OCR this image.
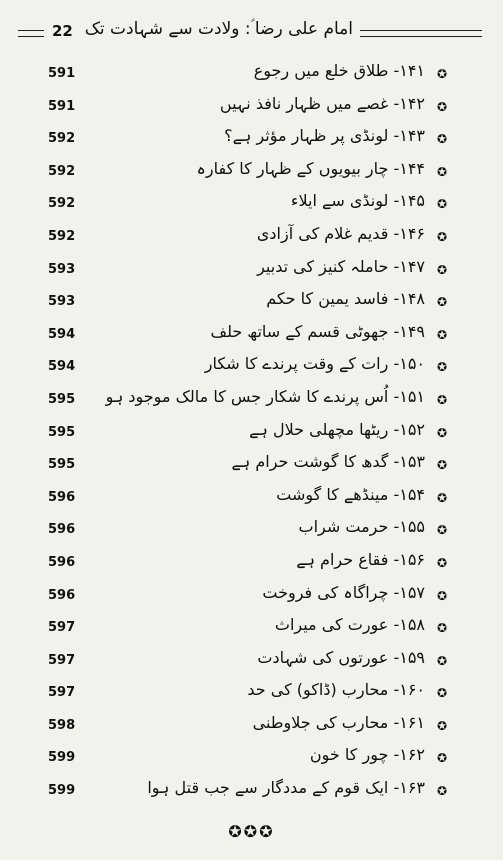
22 امام علی رضا ؑ: ولادت سے شہادت تک
591	۱۴۱- طلاق خلع میں رجوع ✪
591	۱۴۲- غصے میں ظہار نافذ نہیں ✪
592	۱۴۳- لونڈی پر ظہار مؤثر ہے؟ ✪
592	۱۴۴- چار بیویوں کے ظہار کا کفارہ ✪
592	۱۴۵- لونڈی سے ایلاء ✪
592	۱۴۶- قدیم غلام کی آزادی ✪
593	۱۴۷- حاملہ کنیز کی تدبیر ✪
593	۱۴۸- فاسد یمین کا حکم ✪
594	۱۴۹- جھوٹی قسم کے ساتھ حلف ✪
594	۱۵۰- رات کے وقت پرندے کا شکار ✪
595 ۱۵۱- اُس پرندے کا شکار جس کا مالک موجود ہو ✪
595	۱۵۲- ریٹھا مچھلی حلال ہے ✪
595	۱۵۳- گدھ کا گوشت حرام ہے ✪
596	۱۵۴- مینڈھے کا گوشت ✪
596	۱۵۵- حرمت شراب ✪
596	۱۵۶- فقاع حرام ہے ✪
596	۱۵۷- چراگاہ کی فروخت ✪
597	۱۵۸- عورت کی میراث ✪
597	۱۵۹- عورتوں کی شہادت ✪
597	۱۶۰- محارب (ڈاکو) کی حد ✪
598	۱۶۱- محارب کی جلاوطنی ✪
599	۱۶۲- چور کا خون ✪
599	۱۶۳- ایک قوم کے مددگار سے جب قتل ہوا ✪
✪✪✪
